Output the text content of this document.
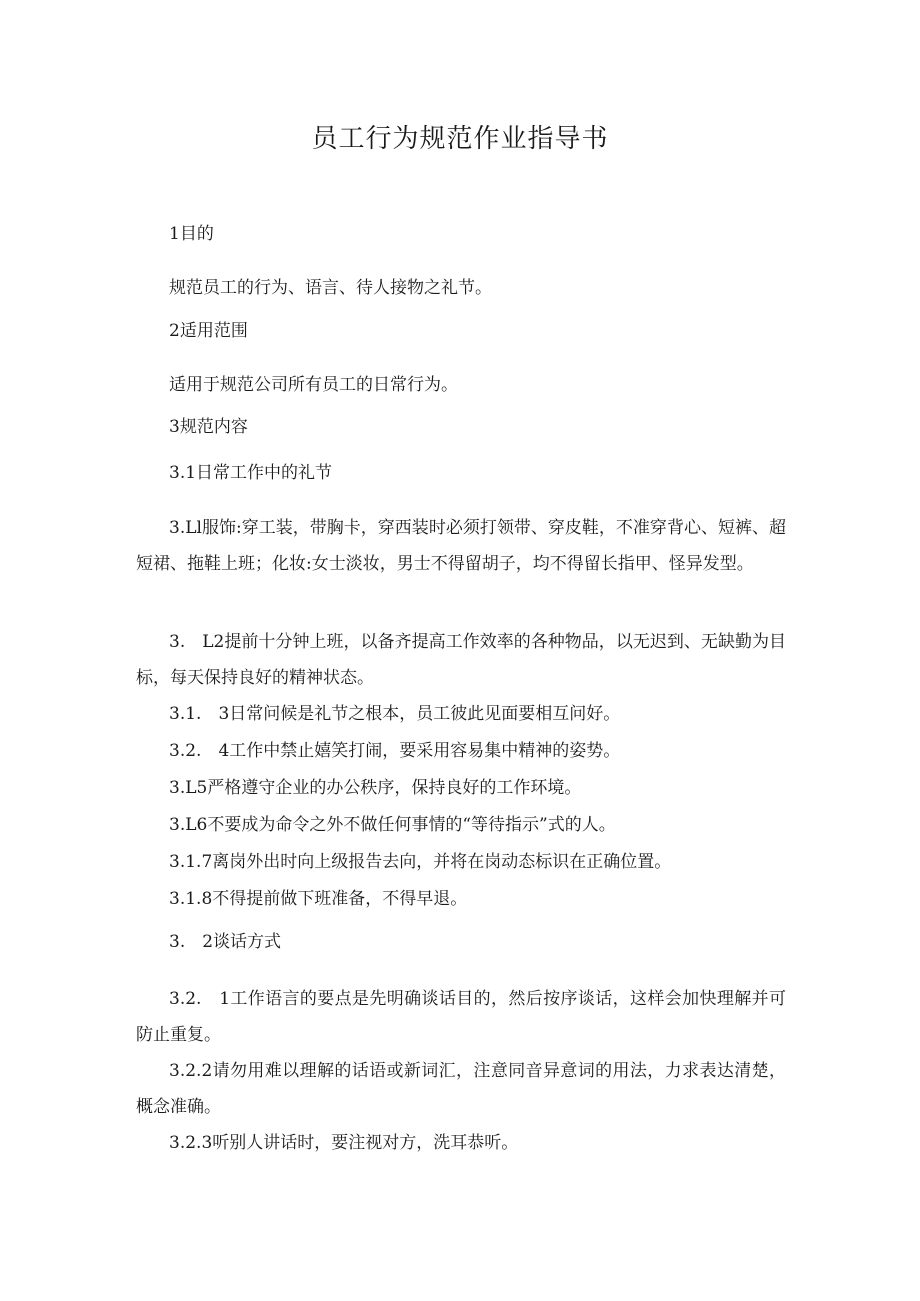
员工行为规范作业指导书

1目的

规范员工的行为、语言、待人接物之礼节。

2适用范围

适用于规范公司所有员工的日常行为。

3规范内容

3.1日常工作中的礼节

3.Ll服饰:穿工装，带胸卡，穿西装时必须打领带、穿皮鞋，不准穿背心、短裤、超短裙、拖鞋上班；化妆:女士淡妆，男士不得留胡子，均不得留长指甲、怪异发型。

3.　L2提前十分钟上班，以备齐提高工作效率的各种物品，以无迟到、无缺勤为目标，每天保持良好的精神状态。

3.1.　3日常问候是礼节之根本，员工彼此见面要相互问好。

3.2.　4工作中禁止嬉笑打闹，要采用容易集中精神的姿势。

3.L5严格遵守企业的办公秩序，保持良好的工作环境。

3.L6不要成为命令之外不做任何事情的“等待指示”式的人。

3.1.7离岗外出时向上级报告去向，并将在岗动态标识在正确位置。

3.1.8不得提前做下班准备，不得早退。

3.　2谈话方式

3.2.　1工作语言的要点是先明确谈话目的，然后按序谈话，这样会加快理解并可防止重复。

3.2.2请勿用难以理解的话语或新词汇，注意同音异意词的用法，力求表达清楚，概念准确。

3.2.3听别人讲话时，要注视对方，洗耳恭听。
